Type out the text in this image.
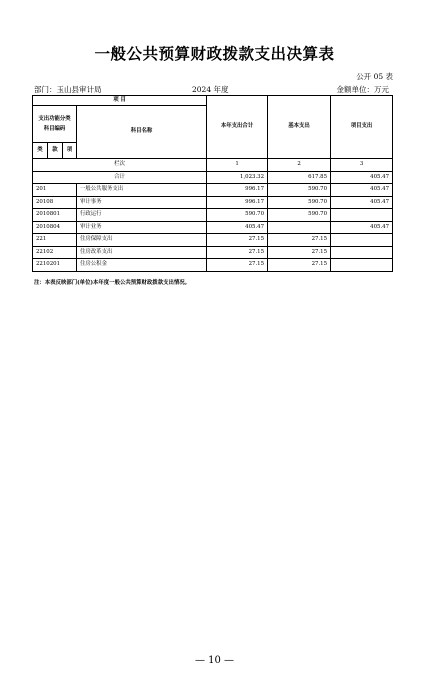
一般公共预算财政拨款支出决算表
公开 05 表
部门：玉山县审计局	2024 年度	金额单位：万元
项 目				本年支出合计	基本支出	项目支出
支出功能分类科目编码			科目名称			
类	款	项				
栏次				1	2	3
合计				1,023.32	617.85	405.47
201			一般公共服务支出	996.17	590.70	405.47
20108			审计事务	996.17	590.70	405.47
2010801			行政运行	590.70	590.70	
2010804			审计业务	405.47		405.47
221			住房保障支出	27.15	27.15	
22102			住房改革支出	27.15	27.15	
2210201			住房公积金	27.15	27.15	
注：本表反映部门(单位)本年度一般公共预算财政拨款支出情况。
— 10 —
